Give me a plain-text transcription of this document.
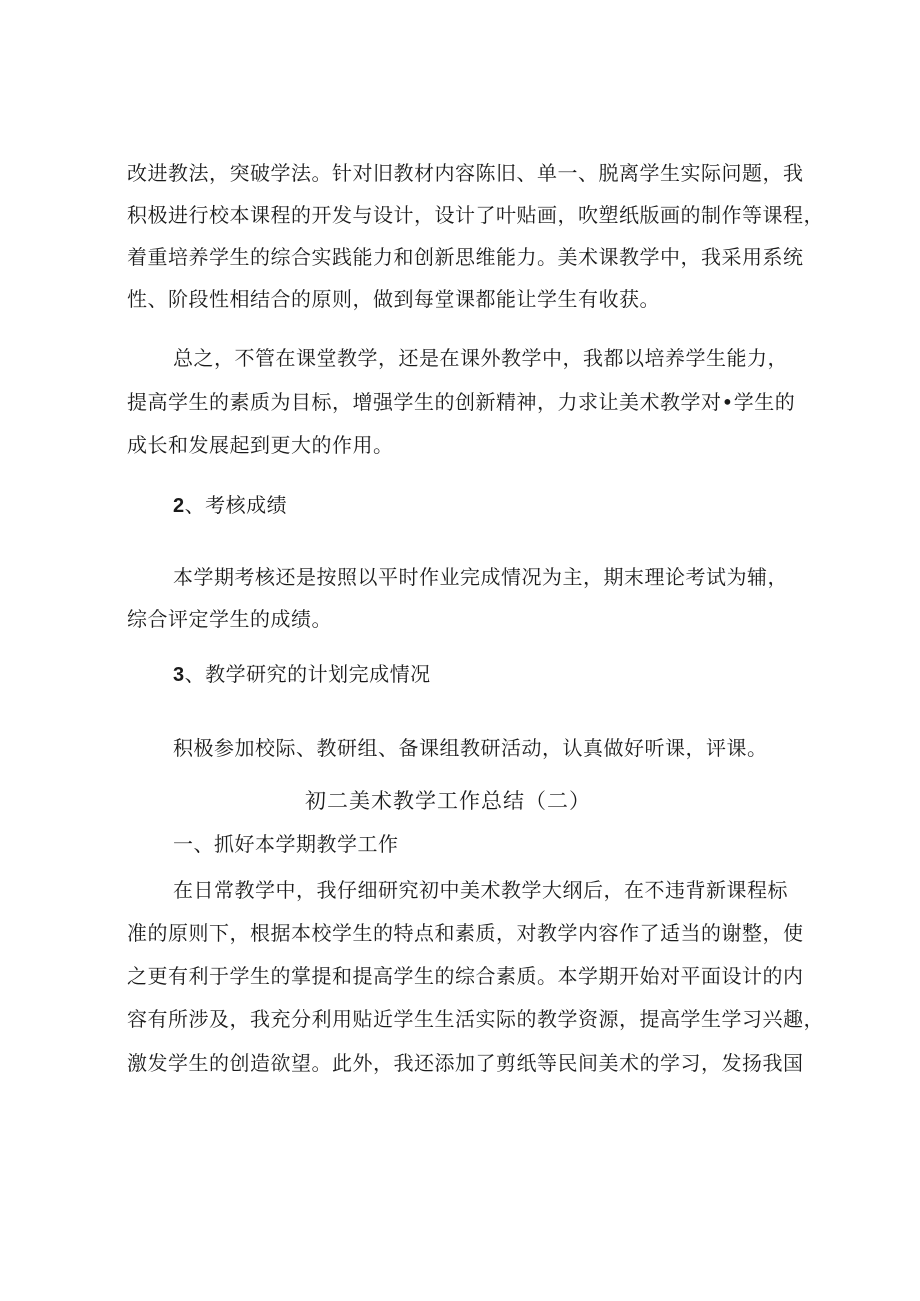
改进教法，突破学法。针对旧教材内容陈旧、单一、脱离学生实际问题，我
积极进行校本课程的开发与设计，设计了叶贴画，吹塑纸版画的制作等课程，
着重培养学生的综合实践能力和创新思维能力。美术课教学中，我采用系统
性、阶段性相结合的原则，做到每堂课都能让学生有收获。
总之，不管在课堂教学，还是在课外教学中，我都以培养学生能力，
提高学生的素质为目标，增强学生的创新精神，力求让美术教学对•学生的
成长和发展起到更大的作用。
2、考核成绩
本学期考核还是按照以平时作业完成情况为主，期末理论考试为辅，
综合评定学生的成绩。
3、教学研究的计划完成情况
积极参加校际、教研组、备课组教研活动，认真做好听课，评课。
初二美术教学工作总结（二）
一、抓好本学期教学工作
在日常教学中，我仔细研究初中美术教学大纲后，在不违背新课程标
准的原则下，根据本校学生的特点和素质，对教学内容作了适当的谢整，使
之更有利于学生的掌提和提高学生的综合素质。本学期开始对平面设计的内
容有所涉及，我充分利用贴近学生生活实际的教学资源，提高学生学习兴趣，
激发学生的创造欲望。此外，我还添加了剪纸等民间美术的学习，发扬我国
